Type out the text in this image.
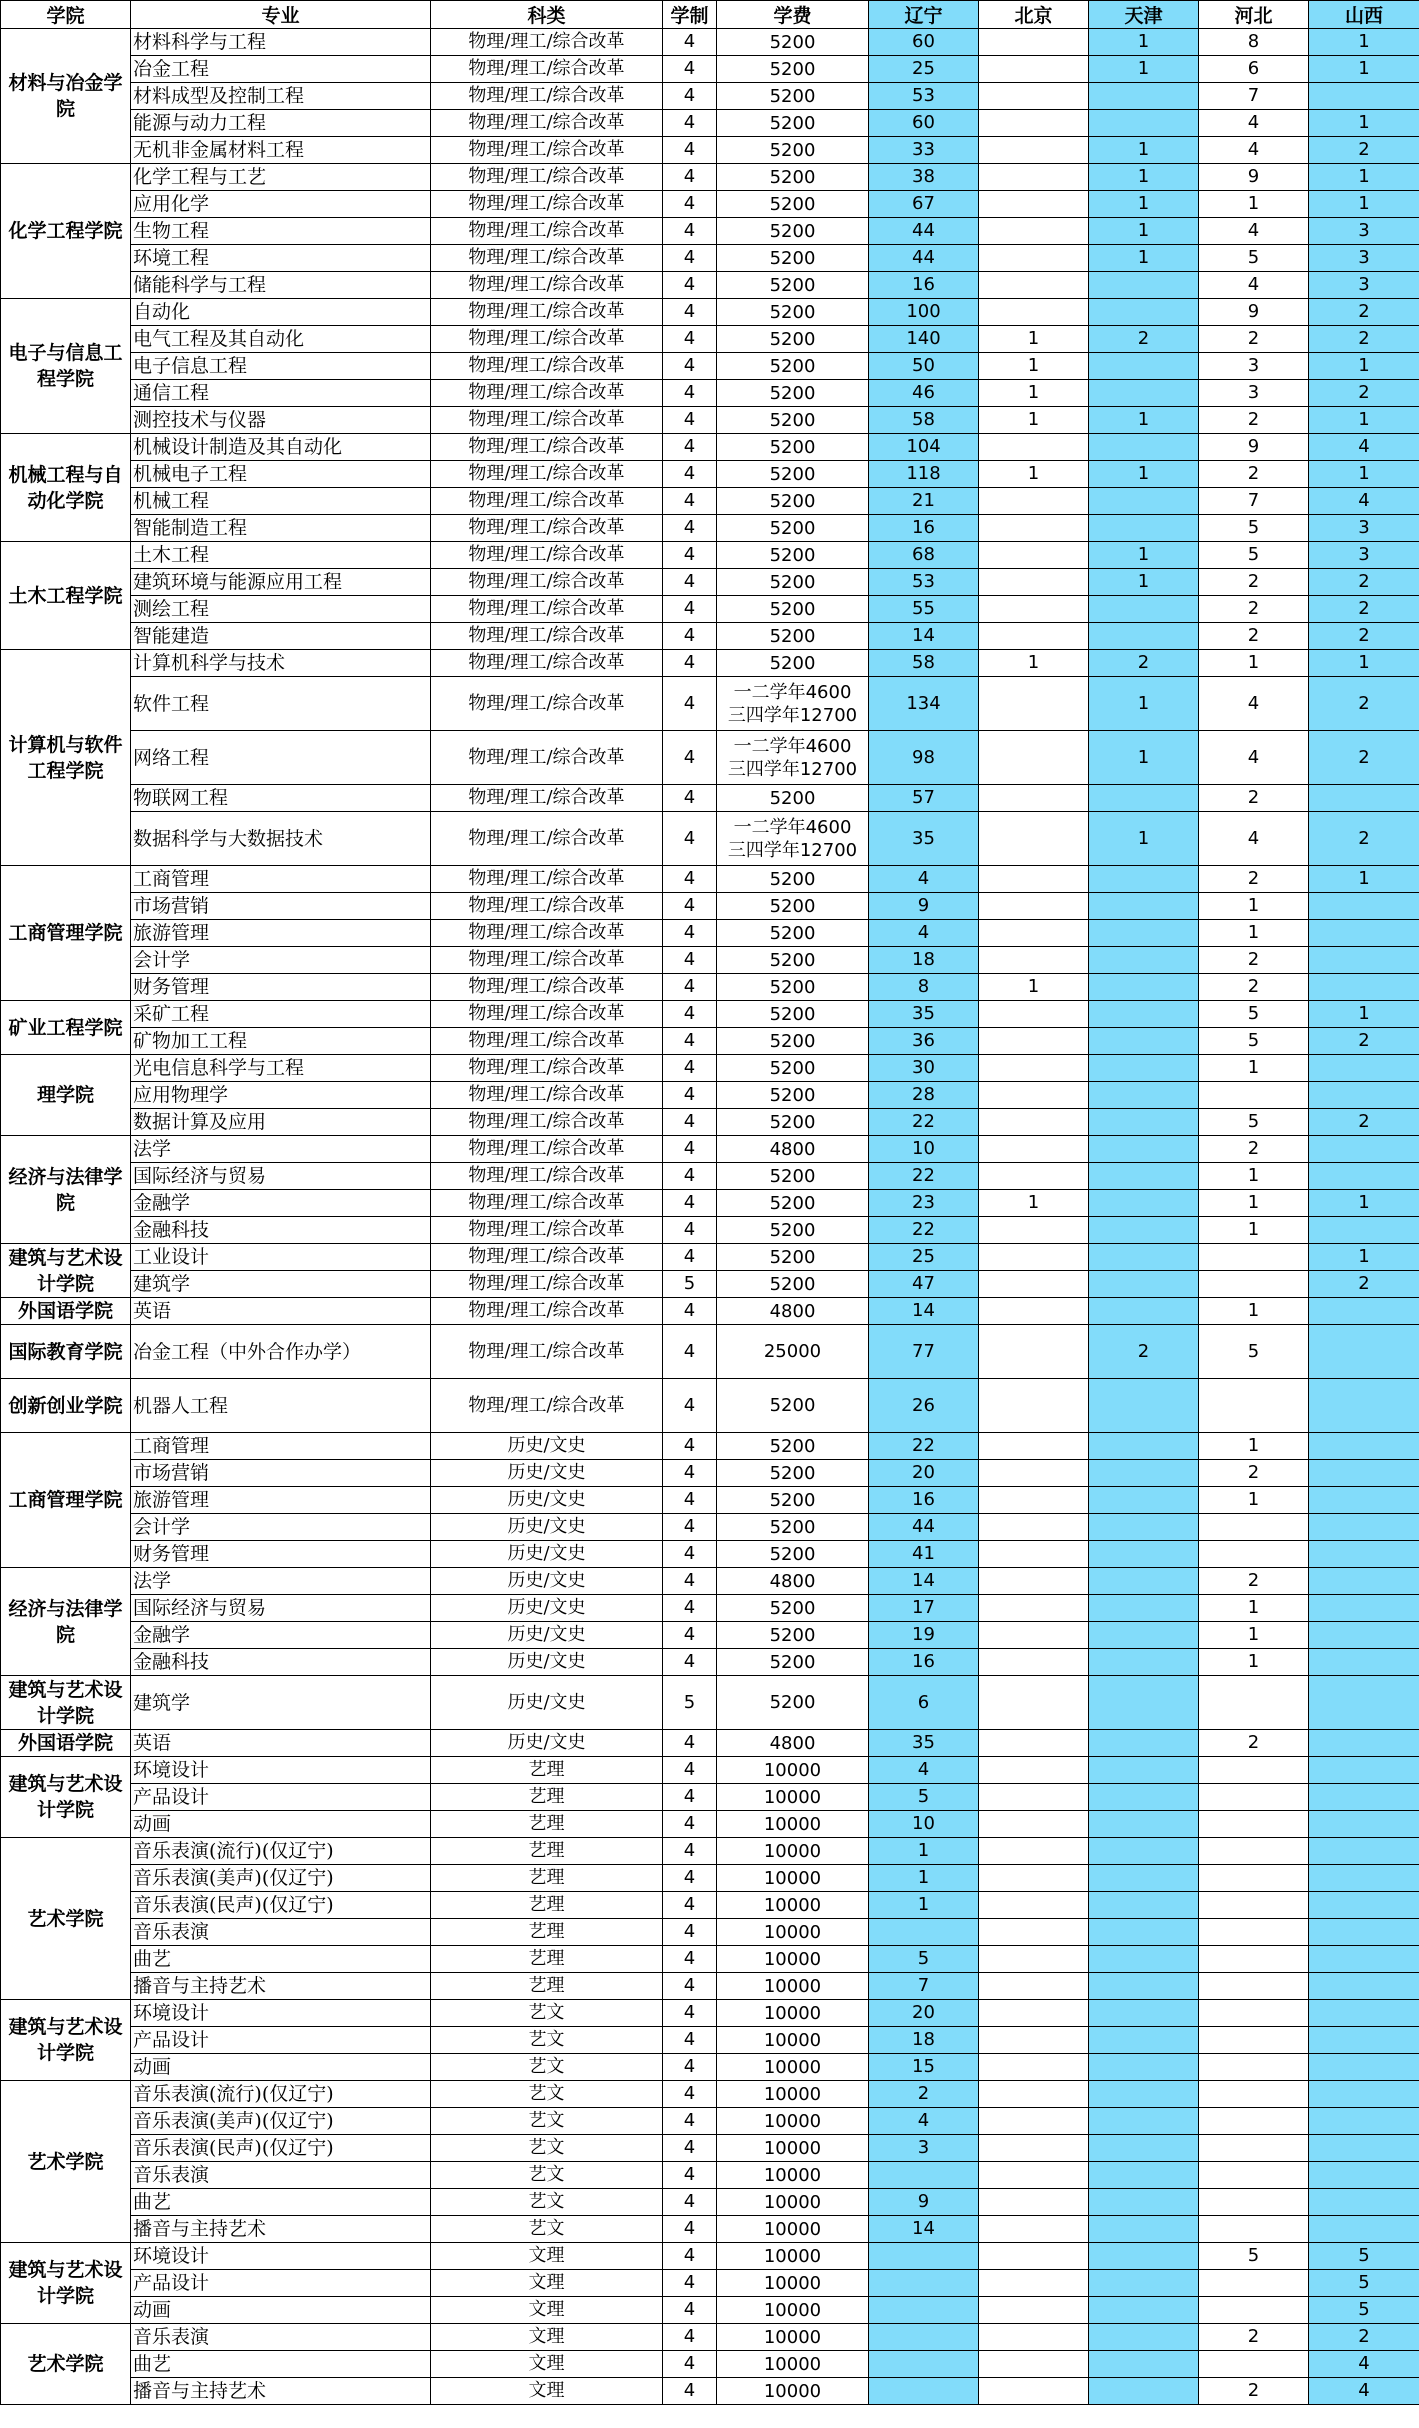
学院	专业	科类	学制	学费	辽宁	北京	天津	河北	山西
材料与冶金学院	材料科学与工程	物理/理工/综合改革	4	5200	60		1	8	1
	冶金工程	物理/理工/综合改革	4	5200	25		1	6	1
	材料成型及控制工程	物理/理工/综合改革	4	5200	53			7	
	能源与动力工程	物理/理工/综合改革	4	5200	60			4	1
	无机非金属材料工程	物理/理工/综合改革	4	5200	33		1	4	2
化学工程学院	化学工程与工艺	物理/理工/综合改革	4	5200	38		1	9	1
	应用化学	物理/理工/综合改革	4	5200	67		1	1	1
	生物工程	物理/理工/综合改革	4	5200	44		1	4	3
	环境工程	物理/理工/综合改革	4	5200	44		1	5	3
	储能科学与工程	物理/理工/综合改革	4	5200	16			4	3
电子与信息工程学院	自动化	物理/理工/综合改革	4	5200	100			9	2
	电气工程及其自动化	物理/理工/综合改革	4	5200	140	1	2	2	2
	电子信息工程	物理/理工/综合改革	4	5200	50	1		3	1
	通信工程	物理/理工/综合改革	4	5200	46	1		3	2
	测控技术与仪器	物理/理工/综合改革	4	5200	58	1	1	2	1
机械工程与自动化学院	机械设计制造及其自动化	物理/理工/综合改革	4	5200	104			9	4
	机械电子工程	物理/理工/综合改革	4	5200	118	1	1	2	1
	机械工程	物理/理工/综合改革	4	5200	21			7	4
	智能制造工程	物理/理工/综合改革	4	5200	16			5	3
土木工程学院	土木工程	物理/理工/综合改革	4	5200	68		1	5	3
	建筑环境与能源应用工程	物理/理工/综合改革	4	5200	53		1	2	2
	测绘工程	物理/理工/综合改革	4	5200	55			2	2
	智能建造	物理/理工/综合改革	4	5200	14			2	2
计算机与软件工程学院	计算机科学与技术	物理/理工/综合改革	4	5200	58	1	2	1	1
	软件工程	物理/理工/综合改革	4	一二学年4600
三四学年12700	134		1	4	2
	网络工程	物理/理工/综合改革	4	一二学年4600
三四学年12700	98		1	4	2
	物联网工程	物理/理工/综合改革	4	5200	57			2	
	数据科学与大数据技术	物理/理工/综合改革	4	一二学年4600
三四学年12700	35		1	4	2
工商管理学院	工商管理	物理/理工/综合改革	4	5200	4			2	1
	市场营销	物理/理工/综合改革	4	5200	9			1	
	旅游管理	物理/理工/综合改革	4	5200	4			1	
	会计学	物理/理工/综合改革	4	5200	18			2	
	财务管理	物理/理工/综合改革	4	5200	8	1		2	
矿业工程学院	采矿工程	物理/理工/综合改革	4	5200	35			5	1
	矿物加工工程	物理/理工/综合改革	4	5200	36			5	2
理学院	光电信息科学与工程	物理/理工/综合改革	4	5200	30			1	
	应用物理学	物理/理工/综合改革	4	5200	28				
	数据计算及应用	物理/理工/综合改革	4	5200	22			5	2
经济与法律学院	法学	物理/理工/综合改革	4	4800	10			2	
	国际经济与贸易	物理/理工/综合改革	4	5200	22			1	
	金融学	物理/理工/综合改革	4	5200	23	1		1	1
	金融科技	物理/理工/综合改革	4	5200	22			1	
建筑与艺术设计学院	工业设计	物理/理工/综合改革	4	5200	25				1
	建筑学	物理/理工/综合改革	5	5200	47				2
外国语学院	英语	物理/理工/综合改革	4	4800	14			1	
国际教育学院	冶金工程（中外合作办学）	物理/理工/综合改革	4	25000	77		2	5	
创新创业学院	机器人工程	物理/理工/综合改革	4	5200	26				
工商管理学院	工商管理	历史/文史	4	5200	22			1	
	市场营销	历史/文史	4	5200	20			2	
	旅游管理	历史/文史	4	5200	16			1	
	会计学	历史/文史	4	5200	44				
	财务管理	历史/文史	4	5200	41				
经济与法律学院	法学	历史/文史	4	4800	14			2	
	国际经济与贸易	历史/文史	4	5200	17			1	
	金融学	历史/文史	4	5200	19			1	
	金融科技	历史/文史	4	5200	16			1	
建筑与艺术设计学院	建筑学	历史/文史	5	5200	6				
外国语学院	英语	历史/文史	4	4800	35			2	
建筑与艺术设计学院	环境设计	艺理	4	10000	4				
	产品设计	艺理	4	10000	5				
	动画	艺理	4	10000	10				
艺术学院	音乐表演(流行)(仅辽宁)	艺理	4	10000	1				
	音乐表演(美声)(仅辽宁)	艺理	4	10000	1				
	音乐表演(民声)(仅辽宁)	艺理	4	10000	1				
	音乐表演	艺理	4	10000					
	曲艺	艺理	4	10000	5				
	播音与主持艺术	艺理	4	10000	7				
建筑与艺术设计学院	环境设计	艺文	4	10000	20				
	产品设计	艺文	4	10000	18				
	动画	艺文	4	10000	15				
艺术学院	音乐表演(流行)(仅辽宁)	艺文	4	10000	2				
	音乐表演(美声)(仅辽宁)	艺文	4	10000	4				
	音乐表演(民声)(仅辽宁)	艺文	4	10000	3				
	音乐表演	艺文	4	10000					
	曲艺	艺文	4	10000	9				
	播音与主持艺术	艺文	4	10000	14				
建筑与艺术设计学院	环境设计	文理	4	10000				5	5
	产品设计	文理	4	10000					5
	动画	文理	4	10000					5
艺术学院	音乐表演	文理	4	10000				2	2
	曲艺	文理	4	10000					4
	播音与主持艺术	文理	4	10000				2	4
